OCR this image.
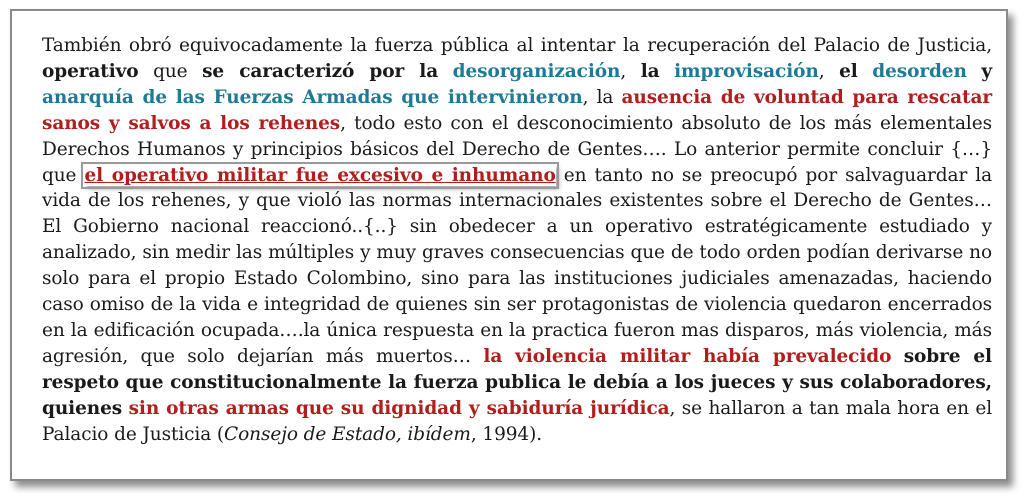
También obró equivocadamente la fuerza pública al intentar la recuperación del Palacio de Justicia, operativo que se caracterizó por la desorganización, la improvisación, el desorden y anarquía de las Fuerzas Armadas que intervinieron, la ausencia de voluntad para rescatar sanos y salvos a los rehenes, todo esto con el desconocimiento absoluto de los más elementales Derechos Humanos y principios básicos del Derecho de Gentes…. Lo anterior permite concluir {…} que el operativo militar fue excesivo e inhumano en tanto no se preocupó por salvaguardar la vida de los rehenes, y que violó las normas internacionales existentes sobre el Derecho de Gentes… El Gobierno nacional reaccionó..{..} sin obedecer a un operativo estratégicamente estudiado y analizado, sin medir las múltiples y muy graves consecuencias que de todo orden podían derivarse no solo para el propio Estado Colombino, sino para las instituciones judiciales amenazadas, haciendo caso omiso de la vida e integridad de quienes sin ser protagonistas de violencia quedaron encerrados en la edificación ocupada….la única respuesta en la practica fueron mas disparos, más violencia, más agresión, que solo dejarían más muertos… la violencia militar había prevalecido sobre el respeto que constitucionalmente la fuerza publica le debía a los jueces y sus colaboradores, quienes sin otras armas que su dignidad y sabiduría jurídica, se hallaron a tan mala hora en el Palacio de Justicia (Consejo de Estado, ibídem, 1994).
